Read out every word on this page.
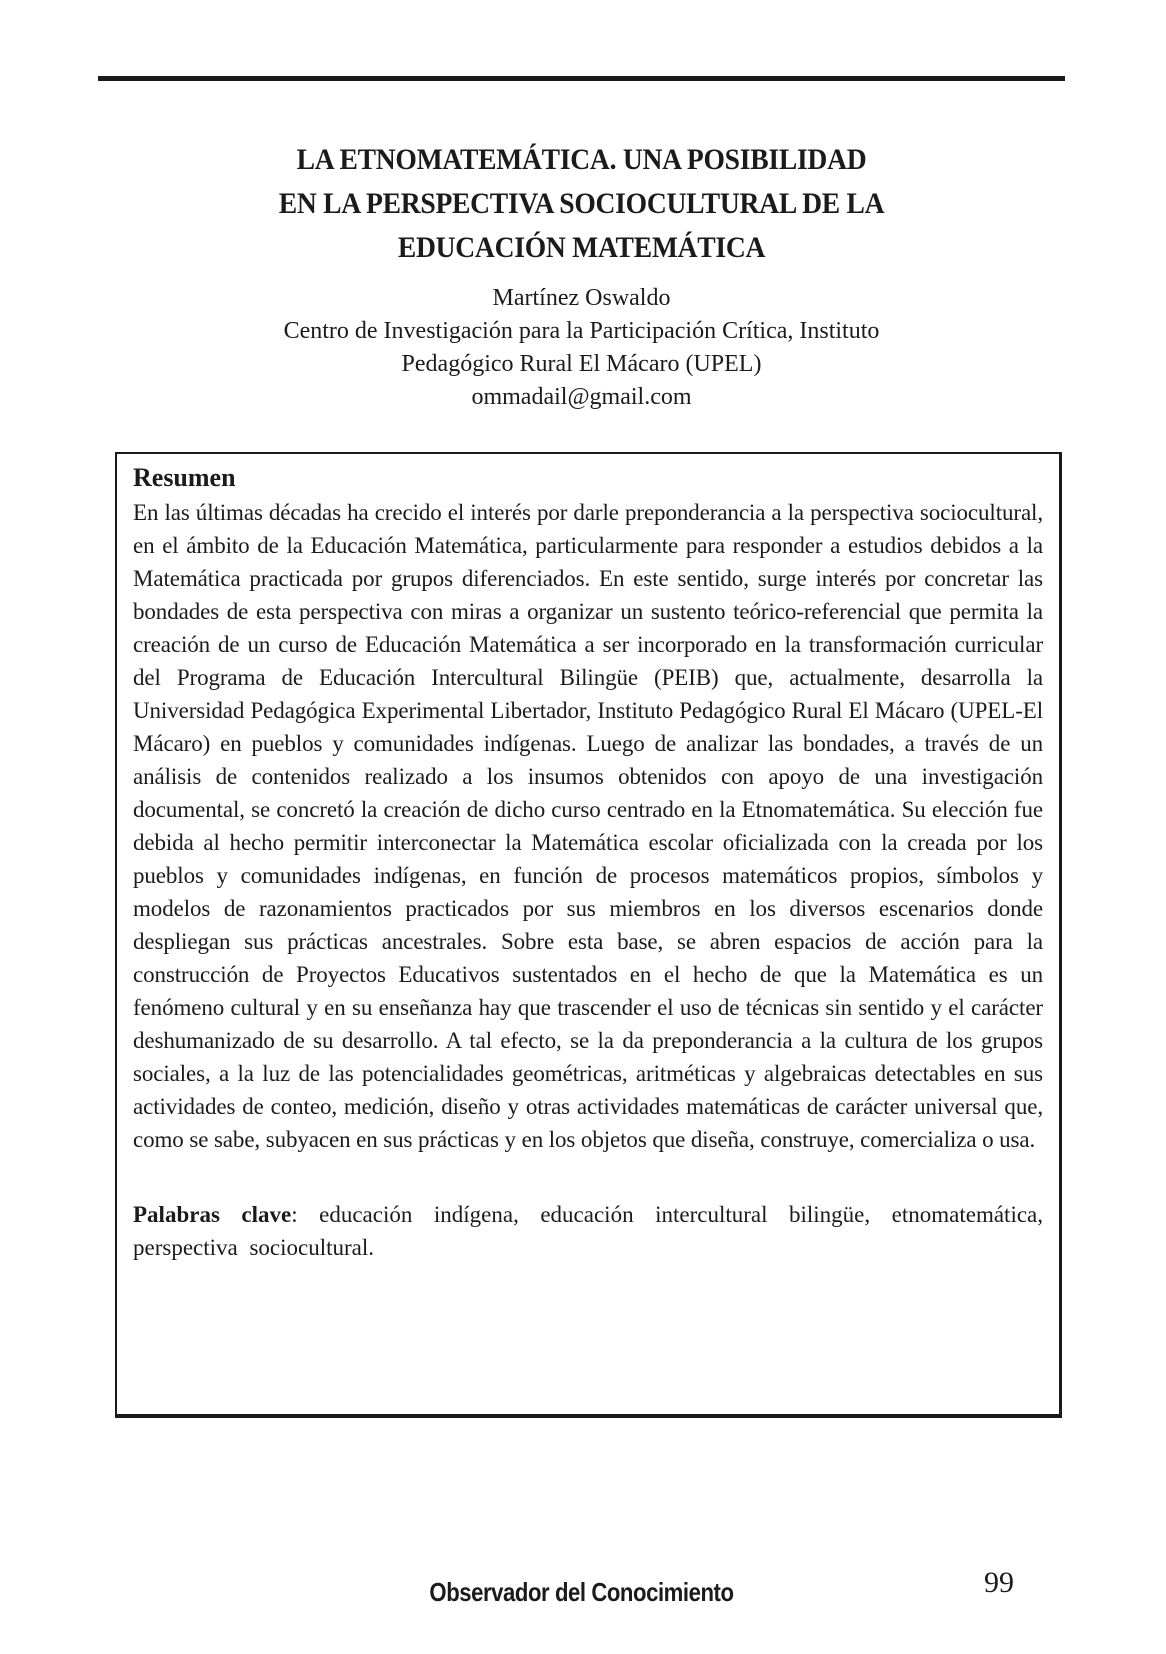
LA ETNOMATEMÁTICA. UNA POSIBILIDAD
EN LA PERSPECTIVA SOCIOCULTURAL DE LA
EDUCACIÓN MATEMÁTICA
Martínez Oswaldo
Centro de Investigación para la Participación Crítica, Instituto
Pedagógico Rural El Mácaro (UPEL)
ommadail@gmail.com
Resumen

En las últimas décadas ha crecido el interés por darle preponderancia a la perspectiva sociocultural, en el ámbito de la Educación Matemática, particularmente para responder a estudios debidos a la Matemática practicada por grupos diferenciados. En este sentido, surge interés por concretar las bondades de esta perspectiva con miras a organizar un sustento teórico-referencial que permita la creación de un curso de Educación Matemática a ser incorporado en la transformación curricular del Programa de Educación Intercultural Bilingüe (PEIB) que, actualmente, desarrolla la Universidad Pedagógica Experimental Libertador, Instituto Pedagógico Rural El Mácaro (UPEL-El Mácaro) en pueblos y comunidades indígenas. Luego de analizar las bondades, a través de un análisis de contenidos realizado a los insumos obtenidos con apoyo de una investigación documental, se concretó la creación de dicho curso centrado en la Etnomatemática. Su elección fue debida al hecho permitir interconectar la Matemática escolar oficializada con la creada por los pueblos y comunidades indígenas, en función de procesos matemáticos propios, símbolos y modelos de razonamientos practicados por sus miembros en los diversos escenarios donde despliegan sus prácticas ancestrales. Sobre esta base, se abren espacios de acción para la construcción de Proyectos Educativos sustentados en el hecho de que la Matemática es un fenómeno cultural y en su enseñanza hay que trascender el uso de técnicas sin sentido y el carácter deshumanizado de su desarrollo. A tal efecto, se la da preponderancia a la cultura de los grupos sociales, a la luz de las potencialidades geométricas, aritméticas y algebraicas detectables en sus actividades de conteo, medición, diseño y otras actividades matemáticas de carácter universal que, como se sabe, subyacen en sus prácticas y en los objetos que diseña, construye, comercializa o usa.

Palabras clave: educación indígena, educación intercultural bilingüe, etnomatemática, perspectiva sociocultural.

Observador del Conocimiento	99
